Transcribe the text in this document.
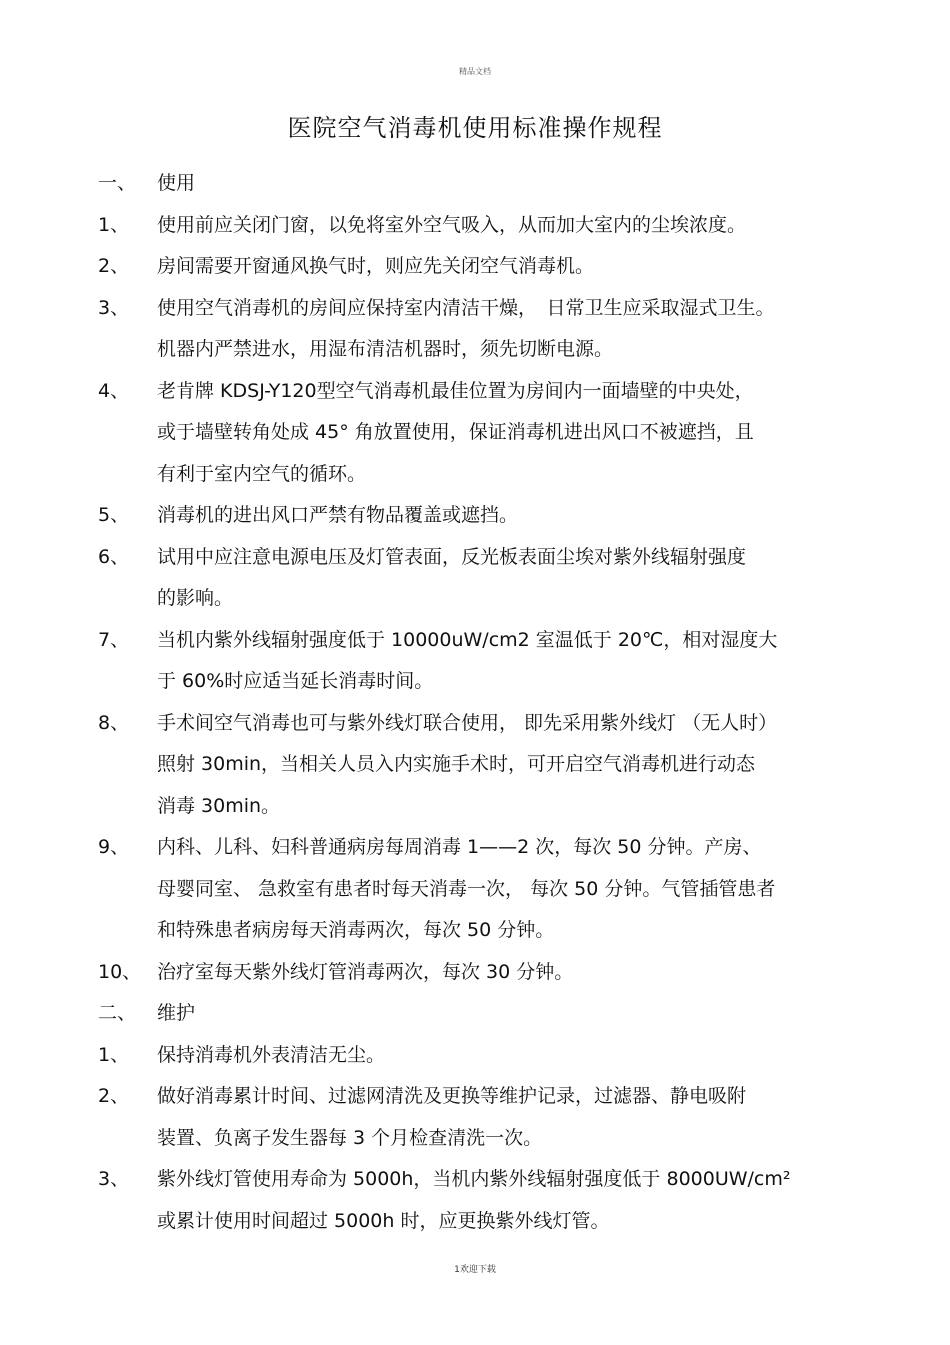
精品文档
医院空气消毒机使用标准操作规程
一、 使用
1、 使用前应关闭门窗，以免将室外空气吸入，从而加大室内的尘埃浓度。
2、 房间需要开窗通风换气时，则应先关闭空气消毒机。
3、 使用空气消毒机的房间应保持室内清洁干燥，　日常卫生应采取湿式卫生。
机器内严禁进水，用湿布清洁机器时，须先切断电源。
4、 老肯牌 KDSJ-Y120型空气消毒机最佳位置为房间内一面墙壁的中央处，
或于墙壁转角处成 45° 角放置使用，保证消毒机进出风口不被遮挡，且
有利于室内空气的循环。
5、 消毒机的进出风口严禁有物品覆盖或遮挡。
6、 试用中应注意电源电压及灯管表面，反光板表面尘埃对紫外线辐射强度
的影响。
7、 当机内紫外线辐射强度低于 10000uW/cm2 室温低于 20℃，相对湿度大
于 60%时应适当延长消毒时间。
8、 手术间空气消毒也可与紫外线灯联合使用， 即先采用紫外线灯 （无人时）
照射 30min，当相关人员入内实施手术时，可开启空气消毒机进行动态
消毒 30min。
9、 内科、儿科、妇科普通病房每周消毒 1——2 次，每次 50 分钟。产房、
母婴同室、 急救室有患者时每天消毒一次， 每次 50 分钟。气管插管患者
和特殊患者病房每天消毒两次，每次 50 分钟。
10、 治疗室每天紫外线灯管消毒两次，每次 30 分钟。
二、 维护
1、 保持消毒机外表清洁无尘。
2、 做好消毒累计时间、过滤网清洗及更换等维护记录，过滤器、静电吸附
装置、负离子发生器每 3 个月检查清洗一次。
3、 紫外线灯管使用寿命为 5000h，当机内紫外线辐射强度低于 8000UW/cm²
或累计使用时间超过 5000h 时，应更换紫外线灯管。
1欢迎下载
